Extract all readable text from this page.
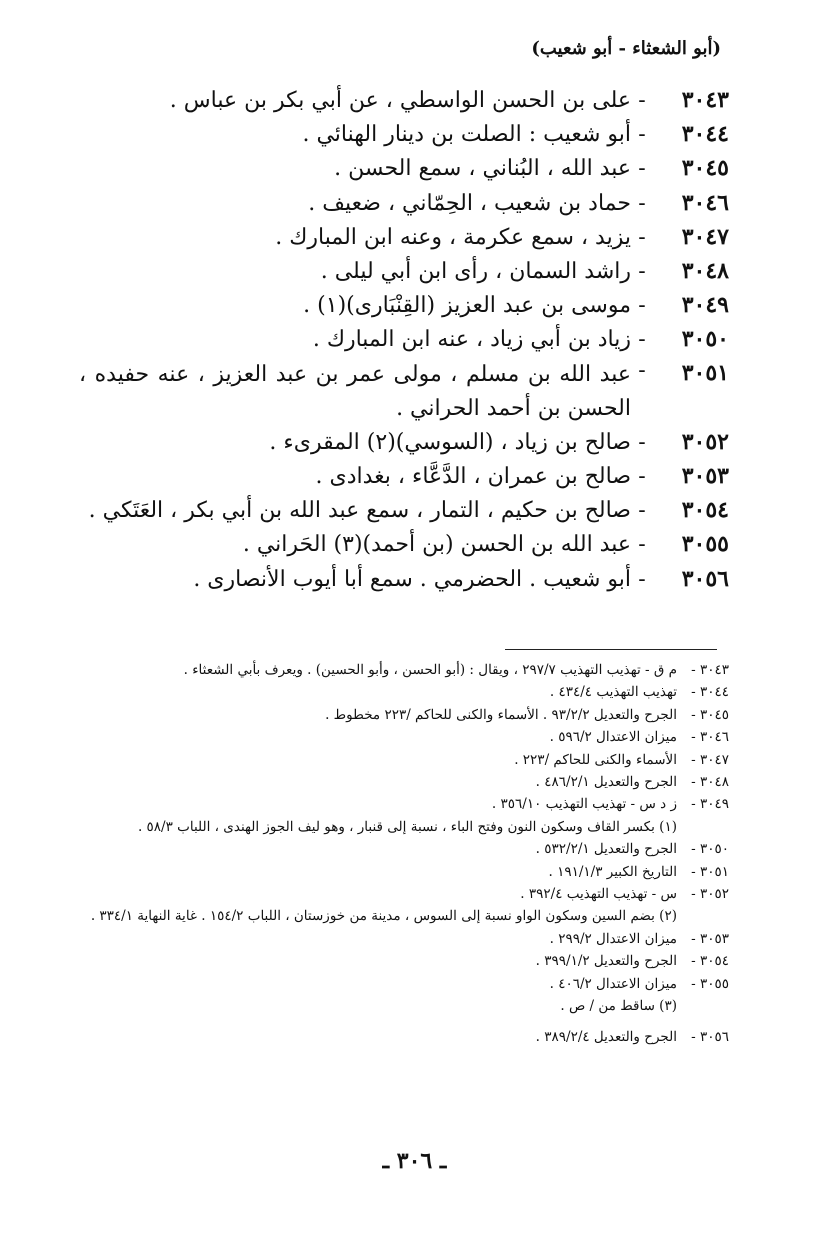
(أبو الشعثاء - أبو شعيب)
٣٠٤٣
-
على بن الحسن الواسطي ، عن أبي بكر بن عباس .
٣٠٤٤
-
أبو شعيب : الصلت بن دينار الهنائي .
٣٠٤٥
-
عبد الله ، البُناني ، سمع الحسن .
٣٠٤٦
-
حماد بن شعيب ، الحِمّاني ، ضعيف .
٣٠٤٧
-
يزيد ، سمع عكرمة ، وعنه ابن المبارك .
٣٠٤٨
-
راشد السمان ، رأى ابن أبي ليلى .
٣٠٤٩
-
موسى بن عبد العزيز (القِنْبَارى)(١) .
٣٠٥٠
-
زياد بن أبي زياد ، عنه ابن المبارك .
٣٠٥١
-
عبد الله بن مسلم ، مولى عمر بن عبد العزيز ، عنه حفيده ، الحسن بن أحمد الحراني .
٣٠٥٢
-
صالح بن زياد ، (السوسي)(٢) المقرىء .
٣٠٥٣
-
صالح بن عمران ، الدَّعَّاء ، بغدادى .
٣٠٥٤
-
صالح بن حكيم ، التمار ، سمع عبد الله بن أبي بكر ، العَتَكي .
٣٠٥٥
-
عبد الله بن الحسن (بن أحمد)(٣) الحَراني .
٣٠٥٦
-
أبو شعيب . الحضرمي . سمع أبا أيوب الأنصارى .
٣٠٤٣ -
م ق - تهذيب التهذيب ٢٩٧/٧ ، ويقال : (أبو الحسن ، وأبو الحسين) . ويعرف بأبي الشعثاء .
٣٠٤٤ -
تهذيب التهذيب ٤٣٤/٤ .
٣٠٤٥ -
الجرح والتعديل ٩٣/٢/٢ . الأسماء والكنى للحاكم /٢٢٣ مخطوط .
٣٠٤٦ -
ميزان الاعتدال ٥٩٦/٢ .
٣٠٤٧ -
الأسماء والكنى للحاكم /٢٢٣ .
٣٠٤٨ -
الجرح والتعديل ٤٨٦/٢/١ .
٣٠٤٩ -
ز د س - تهذيب التهذيب ٣٥٦/١٠ .
(١) بكسر القاف وسكون النون وفتح الباء ، نسبة إلى قنبار ، وهو ليف الجوز الهندى ، اللباب ٥٨/٣ .
٣٠٥٠ -
الجرح والتعديل ٥٣٢/٢/١ .
٣٠٥١ -
التاريخ الكبير ١٩١/١/٣ .
٣٠٥٢ -
س - تهذيب التهذيب ٣٩٢/٤ .
(٢) بضم السين وسكون الواو نسبة إلى السوس ، مدينة من خوزستان ، اللباب ١٥٤/٢ . غاية النهاية ٣٣٤/١ .
٣٠٥٣ -
ميزان الاعتدال ٢٩٩/٢ .
٣٠٥٤ -
الجرح والتعديل ٣٩٩/١/٢ .
٣٠٥٥ -
ميزان الاعتدال ٤٠٦/٢ .
(٣) ساقط من / ص .
٣٠٥٦ -
الجرح والتعديل ٣٨٩/٢/٤ .
ـ ٣٠٦ ـ
